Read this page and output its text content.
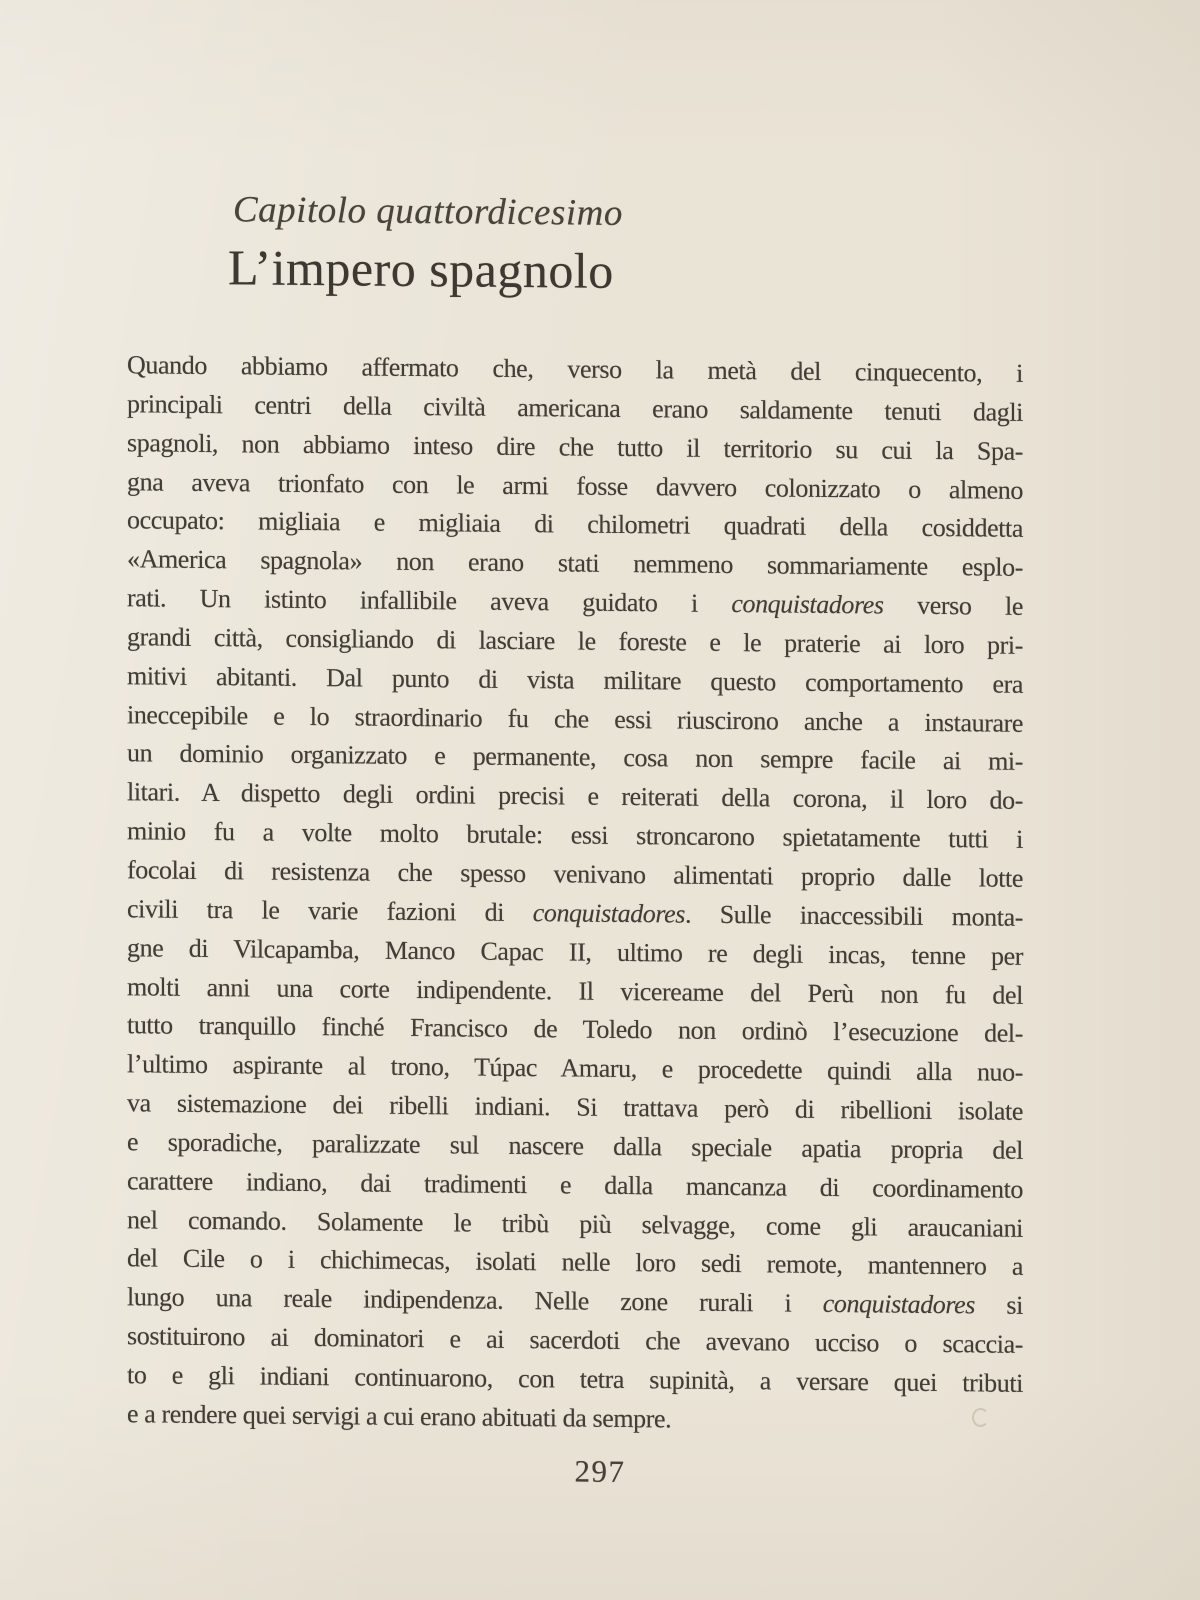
Capitolo quattordicesimo
L’impero spagnolo
Quando abbiamo affermato che, verso la metà del cinquecento, i
principali centri della civiltà americana erano saldamente tenuti dagli
spagnoli, non abbiamo inteso dire che tutto il territorio su cui la Spa-
gna aveva trionfato con le armi fosse davvero colonizzato o almeno
occupato: migliaia e migliaia di chilometri quadrati della cosiddetta
«America spagnola» non erano stati nemmeno sommariamente esplo-
rati. Un istinto infallibile aveva guidato i conquistadores verso le
grandi città, consigliando di lasciare le foreste e le praterie ai loro pri-
mitivi abitanti. Dal punto di vista militare questo comportamento era
ineccepibile e lo straordinario fu che essi riuscirono anche a instaurare
un dominio organizzato e permanente, cosa non sempre facile ai mi-
litari. A dispetto degli ordini precisi e reiterati della corona, il loro do-
minio fu a volte molto brutale: essi stroncarono spietatamente tutti i
focolai di resistenza che spesso venivano alimentati proprio dalle lotte
civili tra le varie fazioni di conquistadores. Sulle inaccessibili monta-
gne di Vilcapamba, Manco Capac II, ultimo re degli incas, tenne per
molti anni una corte indipendente. Il vicereame del Perù non fu del
tutto tranquillo finché Francisco de Toledo non ordinò l’esecuzione del-
l’ultimo aspirante al trono, Túpac Amaru, e procedette quindi alla nuo-
va sistemazione dei ribelli indiani. Si trattava però di ribellioni isolate
e sporadiche, paralizzate sul nascere dalla speciale apatia propria del
carattere indiano, dai tradimenti e dalla mancanza di coordinamento
nel comando. Solamente le tribù più selvagge, come gli araucaniani
del Cile o i chichimecas, isolati nelle loro sedi remote, mantennero a
lungo una reale indipendenza. Nelle zone rurali i conquistadores si
sostituirono ai dominatori e ai sacerdoti che avevano ucciso o scaccia-
to e gli indiani continuarono, con tetra supinità, a versare quei tributi
e a rendere quei servigi a cui erano abituati da sempre.
297
